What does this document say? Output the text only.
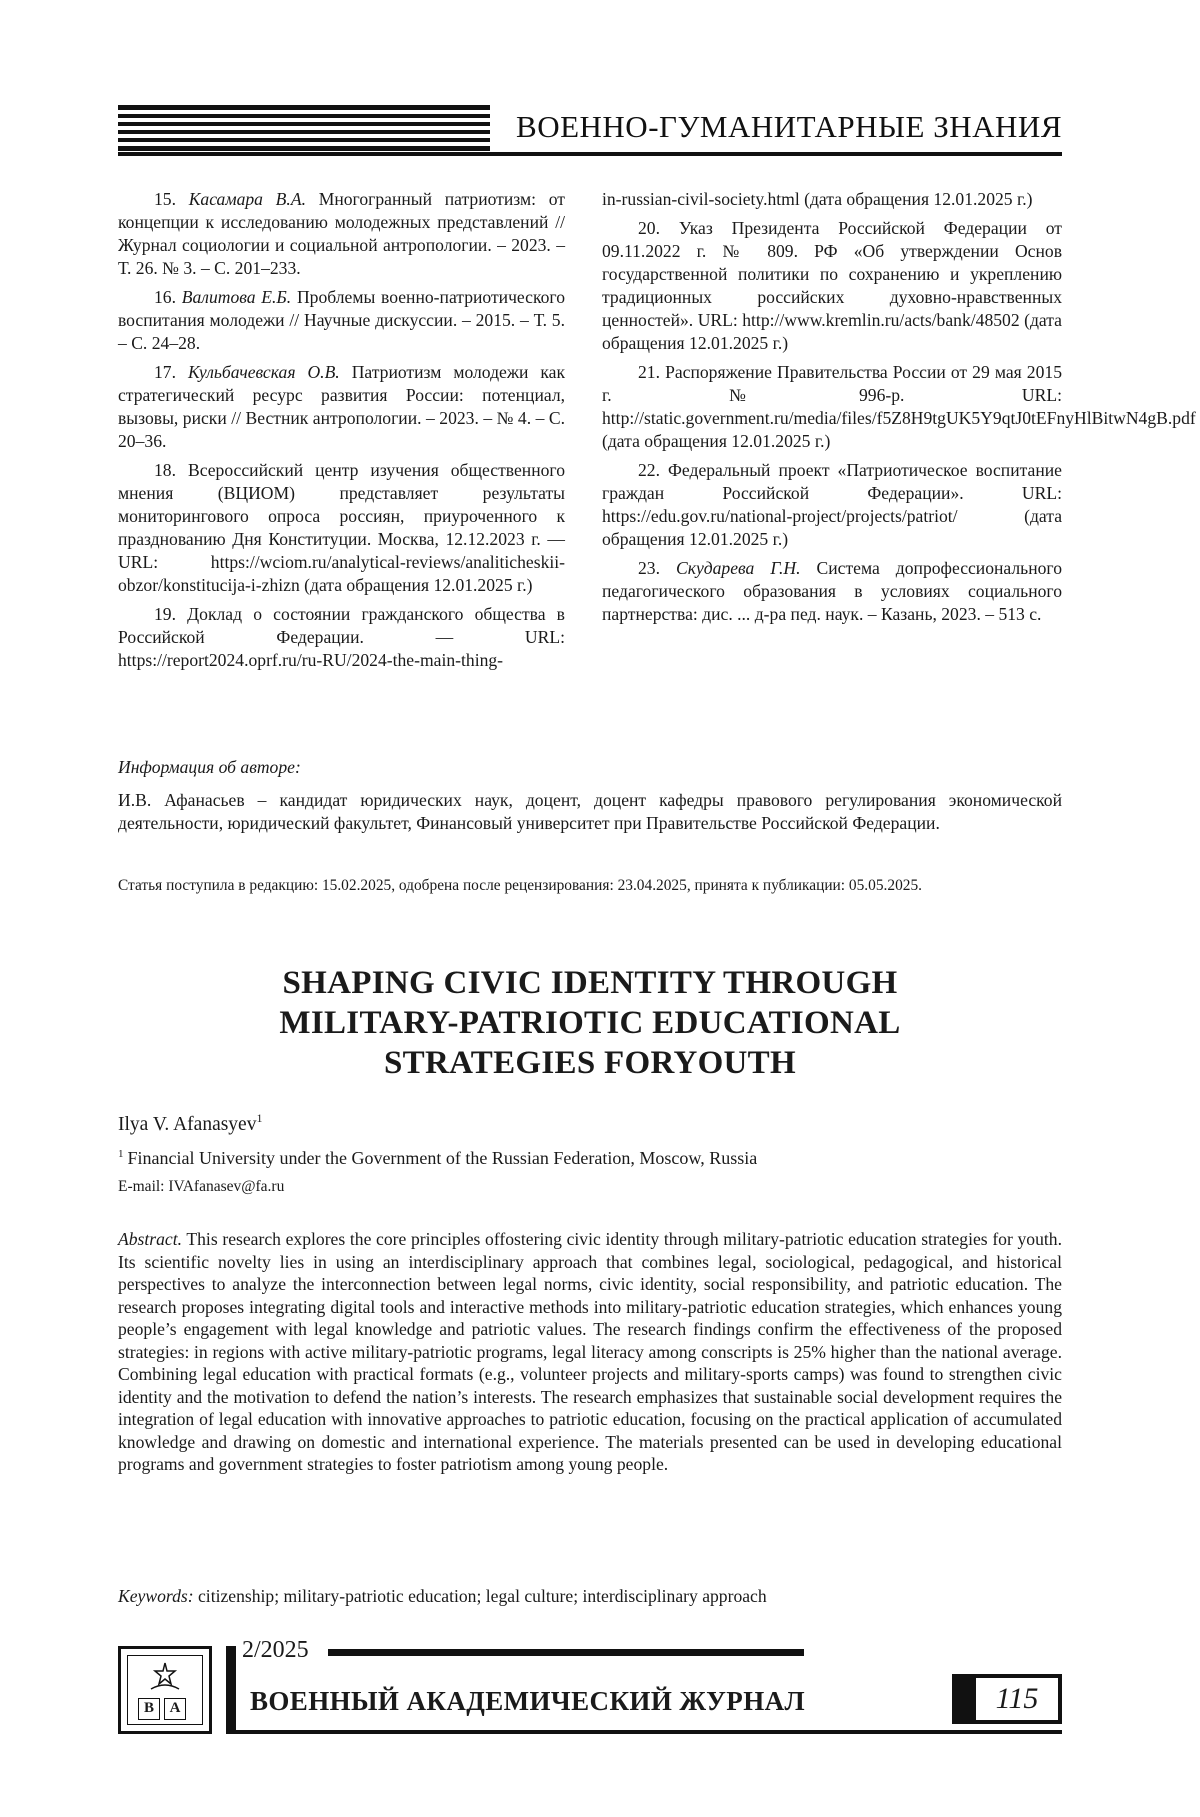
ВОЕННО-ГУМАНИТАРНЫЕ ЗНАНИЯ

15. Касамара В.А. Многогранный патриотизм: от концепции к исследованию молодежных представлений // Журнал социологии и социальной антропологии. – 2023. – Т. 26. № 3. – С. 201–233.

16. Валитова Е.Б. Проблемы военно-патриотического воспитания молодежи // Научные дискуссии. – 2015. – Т. 5. – С. 24–28.

17. Кульбачевская О.В. Патриотизм молодежи как стратегический ресурс развития России: потенциал, вызовы, риски // Вестник антропологии. – 2023. – № 4. – С. 20–36.

18. Всероссийский центр изучения общественного мнения (ВЦИОМ) представляет результаты мониторингового опроса россиян, приуроченного к празднованию Дня Конституции. Москва, 12.12.2023 г. — URL: https://wciom.ru/analytical-reviews/analiticheskii-obzor/konstitucija-i-zhizn (дата обращения 12.01.2025 г.)

19. Доклад о состоянии гражданского общества в Российской Федерации. — URL: https://report2024.oprf.ru/ru-RU/2024-the-main-thing-

in-russian-civil-society.html (дата обращения 12.01.2025 г.)

20. Указ Президента Российской Федерации от 09.11.2022 г. № 809. РФ «Об утверждении Основ государственной политики по сохранению и укреплению традиционных российских духовно-нравственных ценностей». URL: http://www.kremlin.ru/acts/bank/48502 (дата обращения 12.01.2025 г.)

21. Распоряжение Правительства России от 29 мая 2015 г. №996-р. URL: http://static.government.ru/media/files/f5Z8H9tgUK5Y9qtJ0tEFnyHlBitwN4gB.pdf (дата обращения 12.01.2025 г.)

22. Федеральный проект «Патриотическое воспитание граждан Российской Федерации». URL: https://edu.gov.ru/national-project/projects/patriot/ (дата обращения 12.01.2025 г.)

23. Скударева Г.Н. Система допрофессионального педагогического образования в условиях социального партнерства: дис. ... д-ра пед. наук. – Казань, 2023. – 513 с.

Информация об авторе:
И.В. Афанасьев – кандидат юридических наук, доцент, доцент кафедры правового регулирования экономической деятельности, юридический факультет, Финансовый университет при Правительстве Российской Федерации.
Статья поступила в редакцию: 15.02.2025, одобрена после рецензирования: 23.04.2025, принята к публикации: 05.05.2025.
SHAPING CIVIC IDENTITY THROUGH
MILITARY-PATRIOTIC EDUCATIONAL
STRATEGIES FORYOUTH
Ilya V. Afanasyev$^1$
$^1$ Financial University under the Government of the Russian Federation, Moscow, Russia
E-mail: IVAfanasev@fa.ru
Abstract. This research explores the core principles offostering civic identity through military-patriotic education strategies for youth. Its scientific novelty lies in using an interdisciplinary approach that combines legal, sociological, pedagogical, and historical perspectives to analyze the interconnection between legal norms, civic identity, social responsibility, and patriotic education. The research proposes integrating digital tools and interactive methods into military-patriotic education strategies, which enhances young people’s engagement with legal knowledge and patriotic values. The research findings confirm the effectiveness of the proposed strategies: in regions with active military-patriotic programs, legal literacy among conscripts is 25% higher than the national average. Combining legal education with practical formats (e.g., volunteer projects and military-sports camps) was found to strengthen civic identity and the motivation to defend the nation’s interests. The research emphasizes that sustainable social development requires the integration of legal education with innovative approaches to patriotic education, focusing on the practical application of accumulated knowledge and drawing on domestic and international experience. The materials presented can be used in developing educational programs and government strategies to foster patriotism among young people.
Keywords: citizenship; military-patriotic education; legal culture; interdisciplinary approach
В	А
2/2025
ВОЕННЫЙ АКАДЕМИЧЕСКИЙ ЖУРНАЛ	115
